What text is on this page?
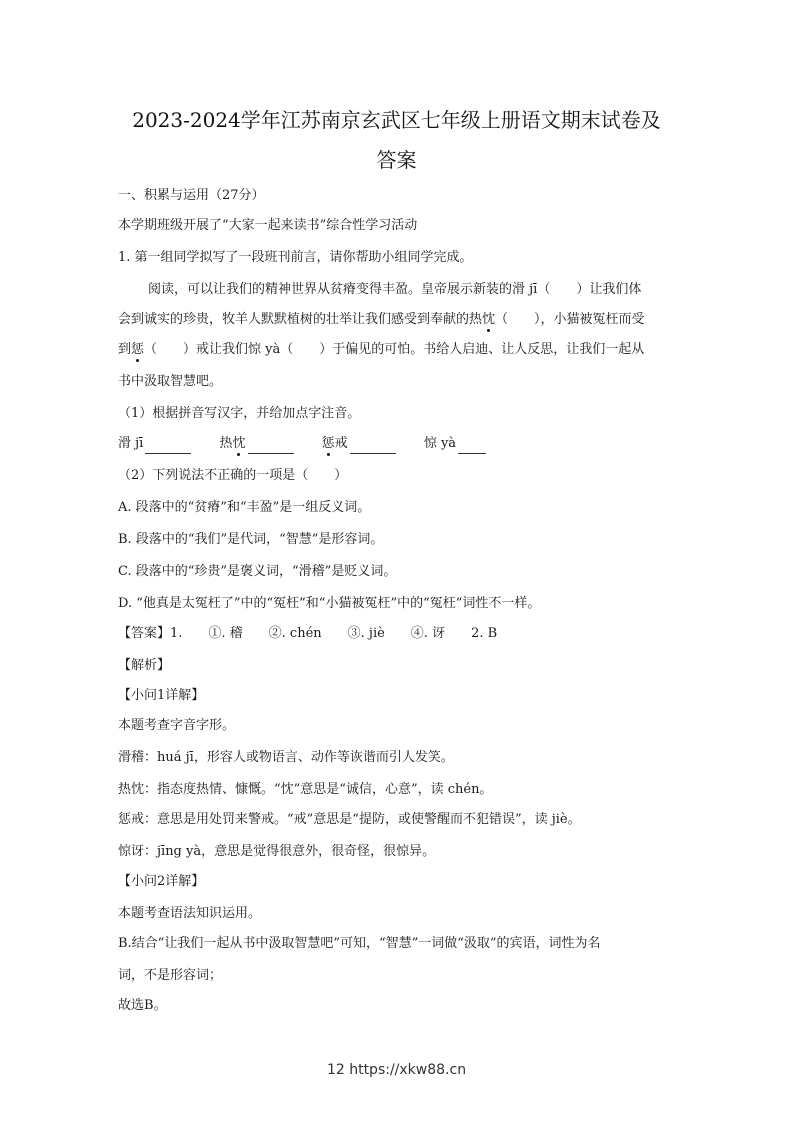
2023-2024学年江苏南京玄武区七年级上册语文期末试卷及
答案
一、积累与运用（27分）
本学期班级开展了“大家一起来读书”综合性学习活动
1. 第一组同学拟写了一段班刊前言，请你帮助小组同学完成。
阅读，可以让我们的精神世界从贫瘠变得丰盈。皇帝展示新装的滑 jī（　　）让我们体
会到诚实的珍贵，牧羊人默默植树的壮举让我们感受到奉献的热忱（　　），小猫被冤枉而受
到惩（　　）戒让我们惊 yà（　　）于偏见的可怕。书给人启迪、让人反思，让我们一起从
书中汲取智慧吧。
（1）根据拼音写汉字，并给加点字注音。
滑 jī	热忱	惩戒	惊 yà
（2）下列说法不正确的一项是（　　）
A. 段落中的“贫瘠”和“丰盈”是一组反义词。
B. 段落中的“我们”是代词，“智慧”是形容词。
C. 段落中的“珍贵”是褒义词，“滑稽”是贬义词。
D. “他真是太冤枉了”中的“冤枉”和“小猫被冤枉”中的“冤枉”词性不一样。
【答案】1.　　①. 稽　　②. chén　　③. jiè　　④. 讶　　2. B
【解析】
【小问1详解】
本题考查字音字形。
滑稽：huá jī，形容人或物语言、动作等诙谐而引人发笑。
热忱：指态度热情、慷慨。“忱”意思是“诚信，心意”，读 chén。
惩戒：意思是用处罚来警戒。“戒”意思是“提防，或使警醒而不犯错误”，读 jiè。
惊讶：jīng yà，意思是觉得很意外，很奇怪，很惊异。
【小问2详解】
本题考查语法知识运用。
B.结合“让我们一起从书中汲取智慧吧”可知，“智慧”一词做“汲取”的宾语，词性为名
词，不是形容词；
故选B。
12 https://xkw88.cn
